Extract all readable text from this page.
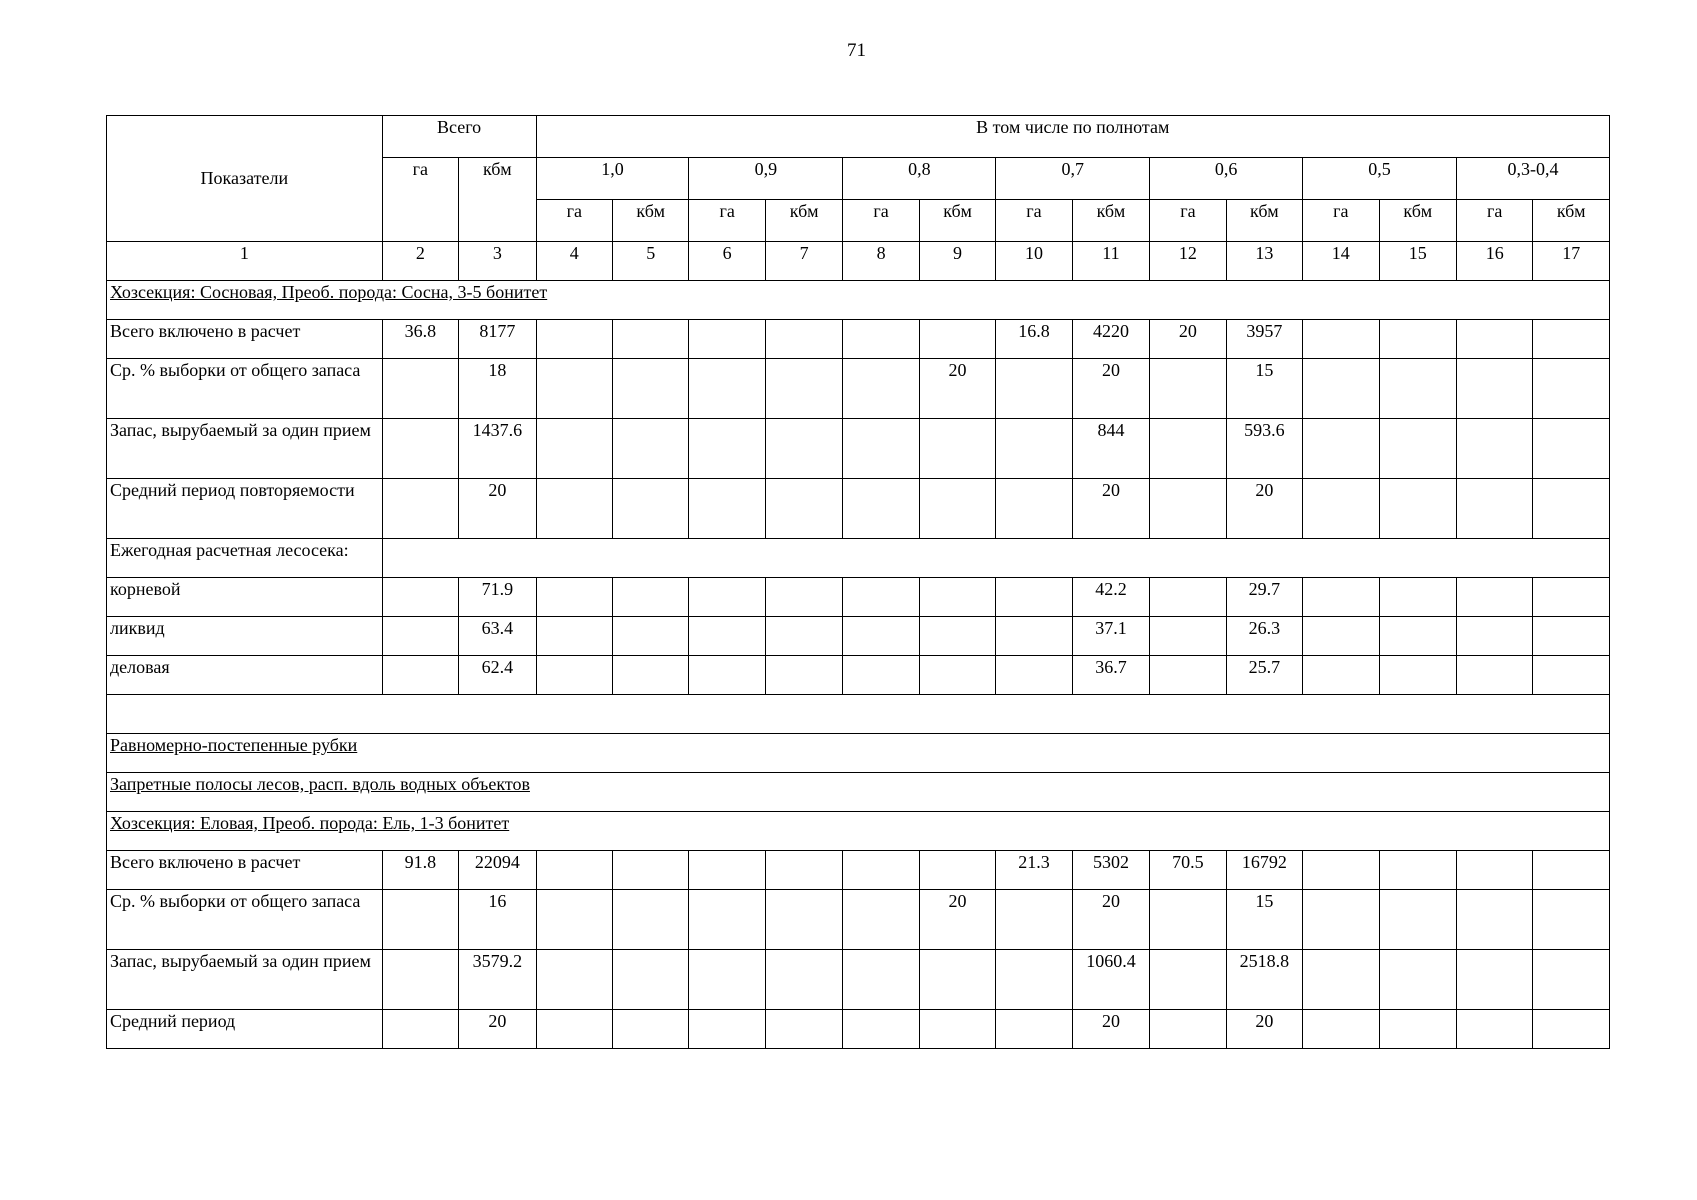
71
Показатели	Всего		В том числе по полнотам													
	га	кбм	1,0		0,9		0,8		0,7		0,6		0,5		0,3-0,4	
			га	кбм	га	кбм	га	кбм	га	кбм	га	кбм	га	кбм	га	кбм
1	2	3	4	5	6	7	8	9	10	11	12	13	14	15	16	17
Хозсекция: Сосновая, Преоб. порода: Сосна, 3-5 бонитет																
Всего включено в расчет	36.8	8177							16.8	4220	20	3957				
Ср. % выборки от общего запаса		18						20		20		15				
Запас, вырубаемый за один прием		1437.6								844		593.6				
Средний период повторяемости		20								20		20				
Ежегодная расчетная лесосека:																
корневой		71.9								42.2		29.7				
ликвид		63.4								37.1		26.3				
деловая		62.4								36.7		25.7				

Равномерно-постепенные рубки																
Запретные полосы лесов, расп. вдоль водных объектов																
Хозсекция: Еловая, Преоб. порода: Ель, 1-3 бонитет																
Всего включено в расчет	91.8	22094							21.3	5302	70.5	16792				
Ср. % выборки от общего запаса		16						20		20		15				
Запас, вырубаемый за один прием		3579.2								1060.4		2518.8				
Средний период		20								20		20				
